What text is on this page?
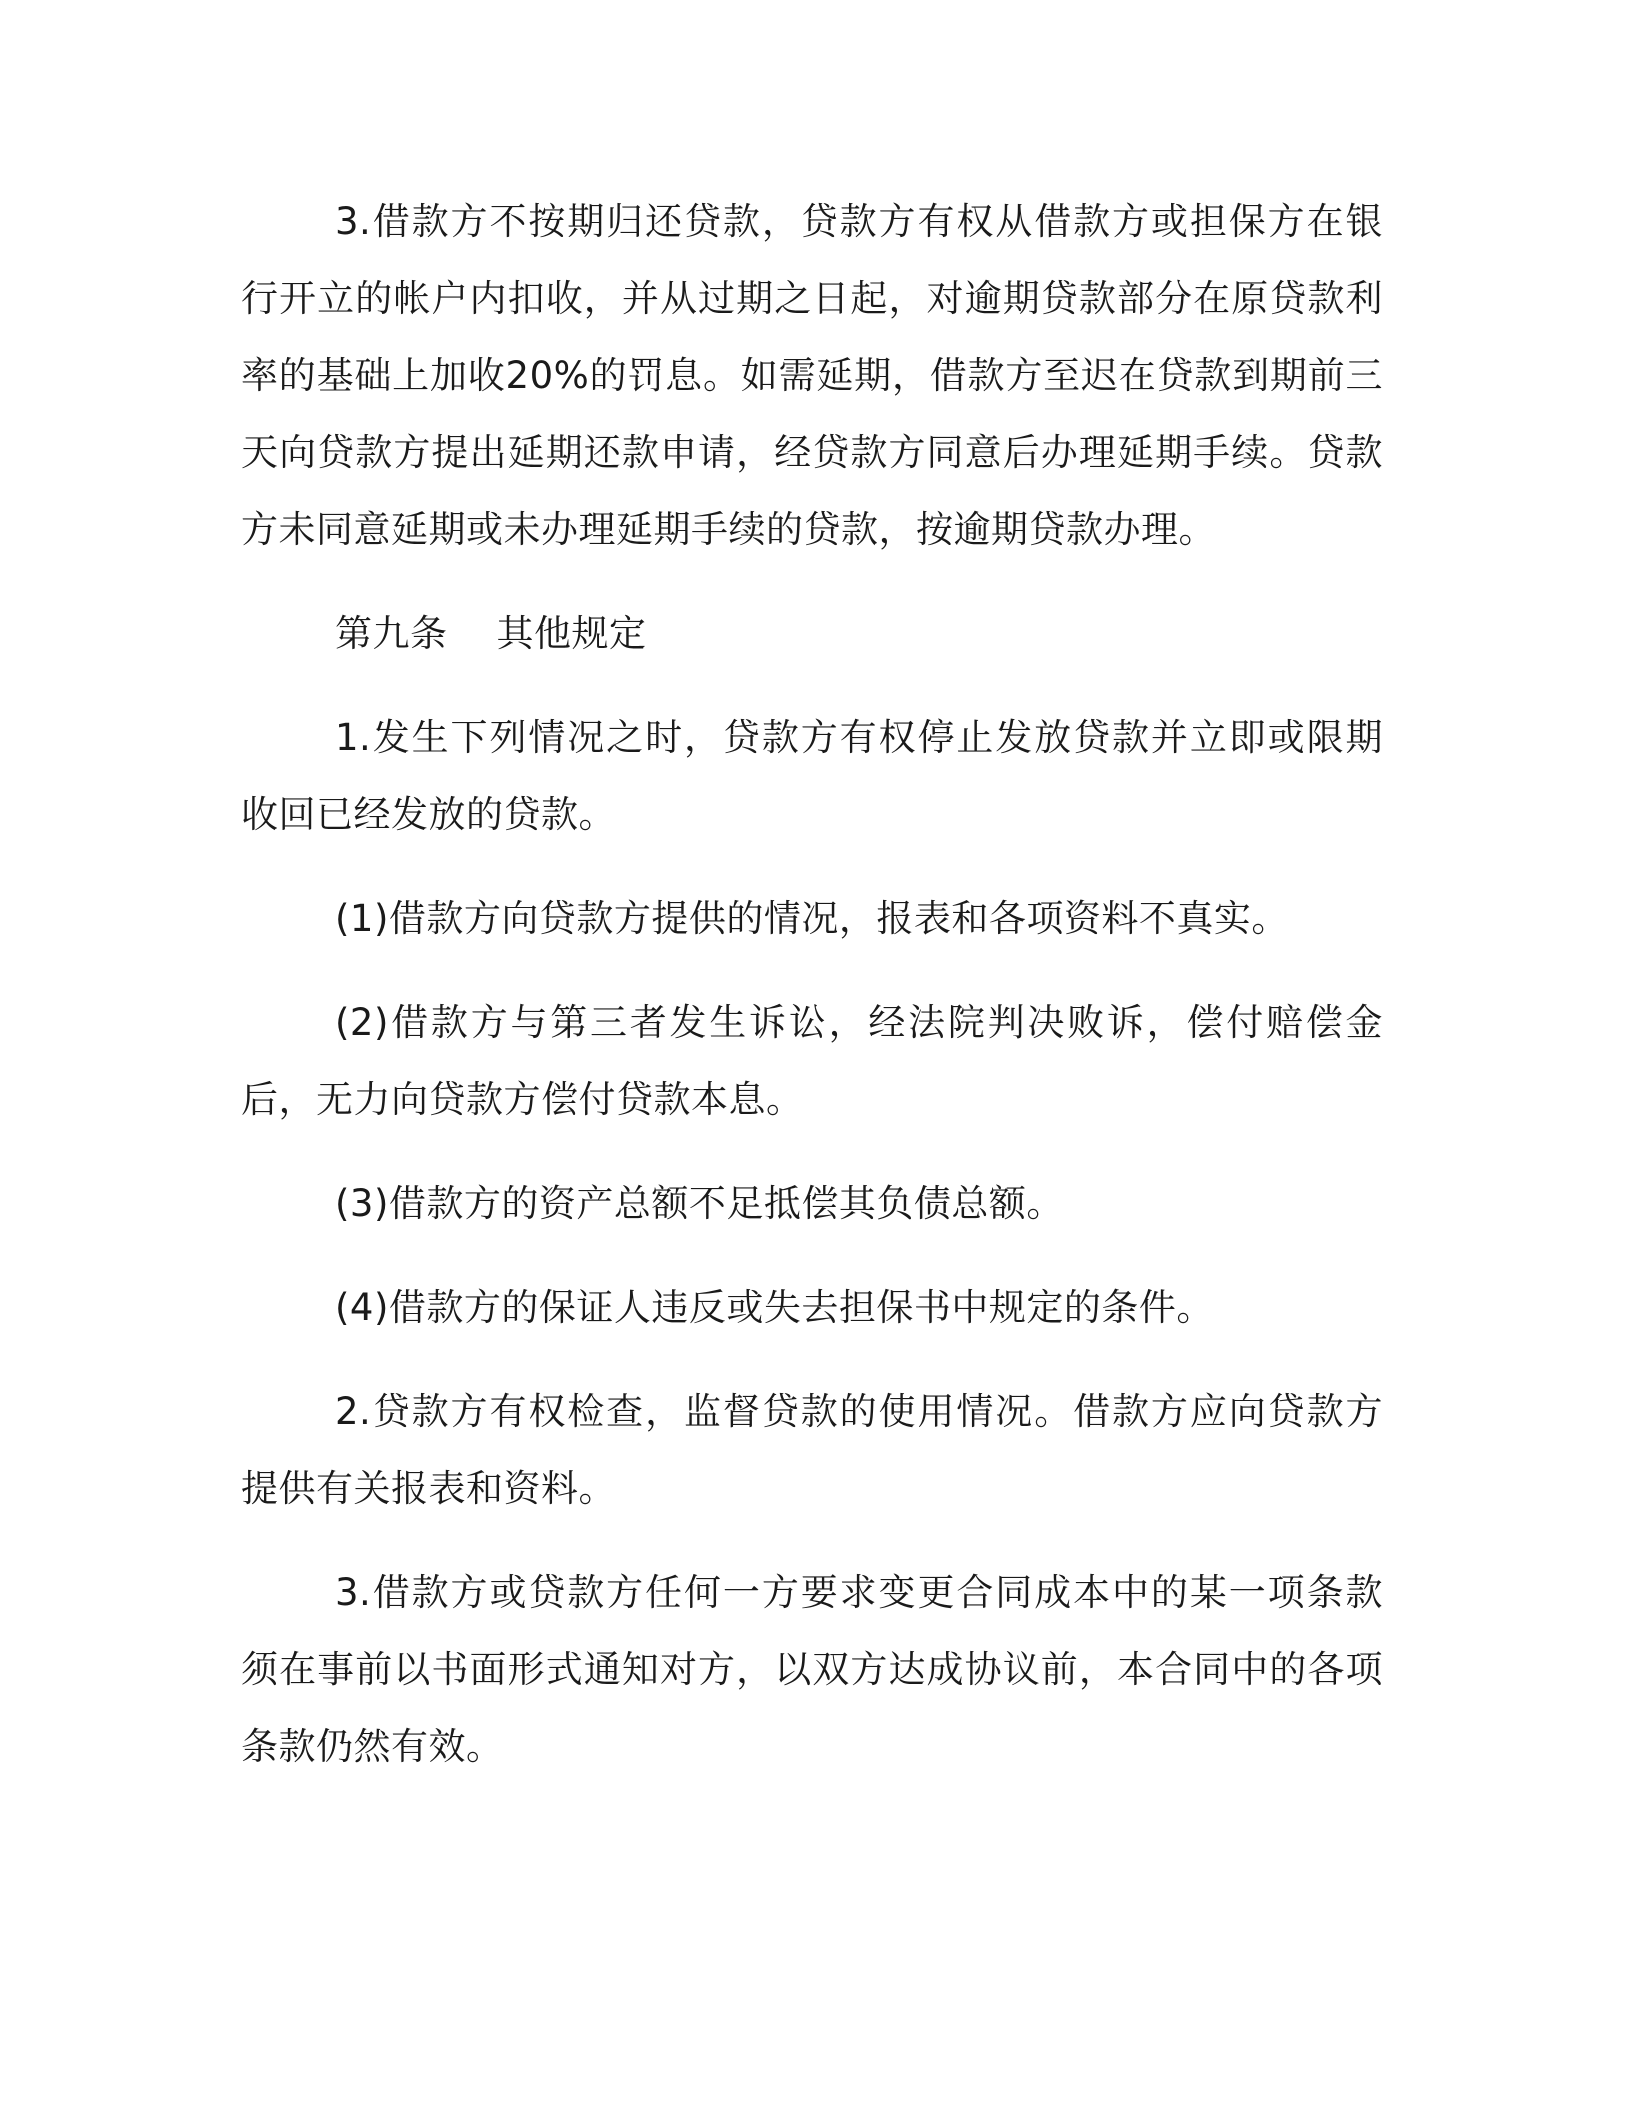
3.借款方不按期归还贷款，贷款方有权从借款方或担保方在银行开立的帐户内扣收，并从过期之日起，对逾期贷款部分在原贷款利率的基础上加收20%的罚息。如需延期，借款方至迟在贷款到期前三天向贷款方提出延期还款申请，经贷款方同意后办理延期手续。贷款方未同意延期或未办理延期手续的贷款，按逾期贷款办理。

第九条    其他规定

1.发生下列情况之时，贷款方有权停止发放贷款并立即或限期收回已经发放的贷款。

(1)借款方向贷款方提供的情况，报表和各项资料不真实。

(2)借款方与第三者发生诉讼，经法院判决败诉，偿付赔偿金后，无力向贷款方偿付贷款本息。

(3)借款方的资产总额不足抵偿其负债总额。

(4)借款方的保证人违反或失去担保书中规定的条件。

2.贷款方有权检查，监督贷款的使用情况。借款方应向贷款方提供有关报表和资料。

3.借款方或贷款方任何一方要求变更合同成本中的某一项条款须在事前以书面形式通知对方，以双方达成协议前，本合同中的各项条款仍然有效。
